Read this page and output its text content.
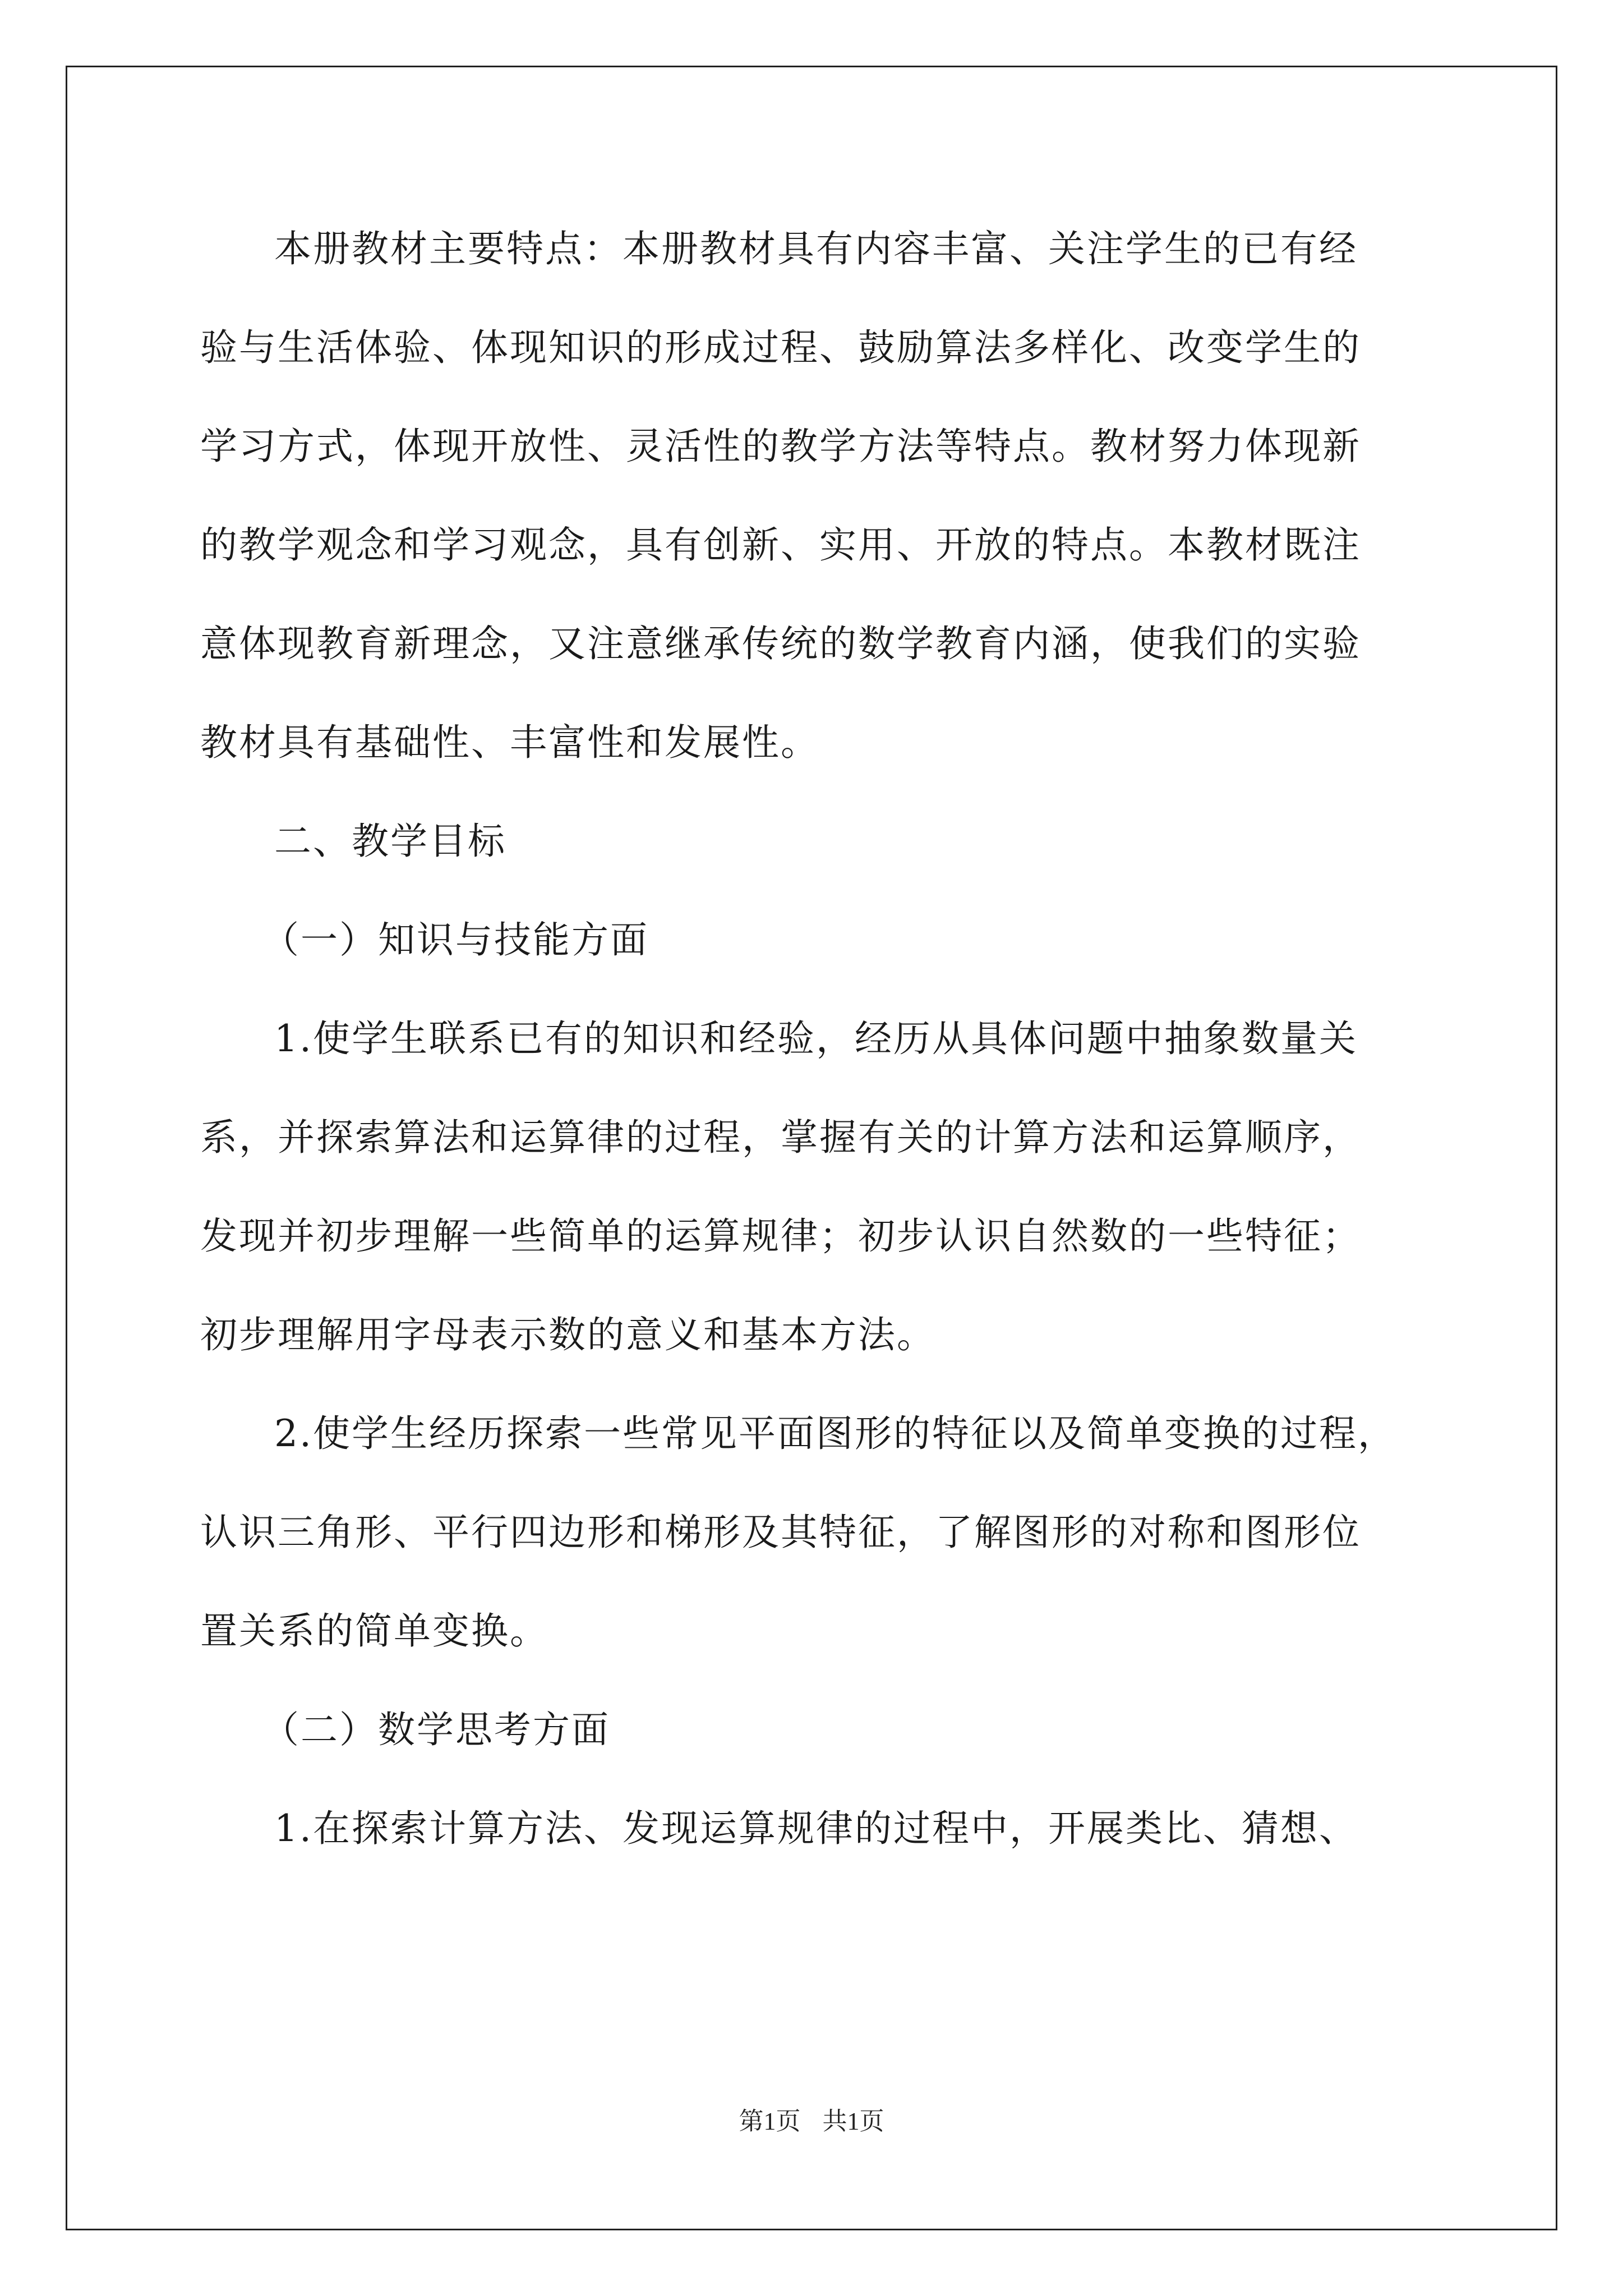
本册教材主要特点：本册教材具有内容丰富、关注学生的已有经
验与生活体验、体现知识的形成过程、鼓励算法多样化、改变学生的
学习方式，体现开放性、灵活性的教学方法等特点。教材努力体现新
的教学观念和学习观念，具有创新、实用、开放的特点。本教材既注
意体现教育新理念，又注意继承传统的数学教育内涵，使我们的实验
教材具有基础性、丰富性和发展性。
二、教学目标
（一）知识与技能方面
1.使学生联系已有的知识和经验，经历从具体问题中抽象数量关
系，并探索算法和运算律的过程，掌握有关的计算方法和运算顺序，
发现并初步理解一些简单的运算规律；初步认识自然数的一些特征；
初步理解用字母表示数的意义和基本方法。
2.使学生经历探索一些常见平面图形的特征以及简单变换的过程，
认识三角形、平行四边形和梯形及其特征，了解图形的对称和图形位
置关系的简单变换。
（二）数学思考方面
1.在探索计算方法、发现运算规律的过程中，开展类比、猜想、
第1页 共1页
